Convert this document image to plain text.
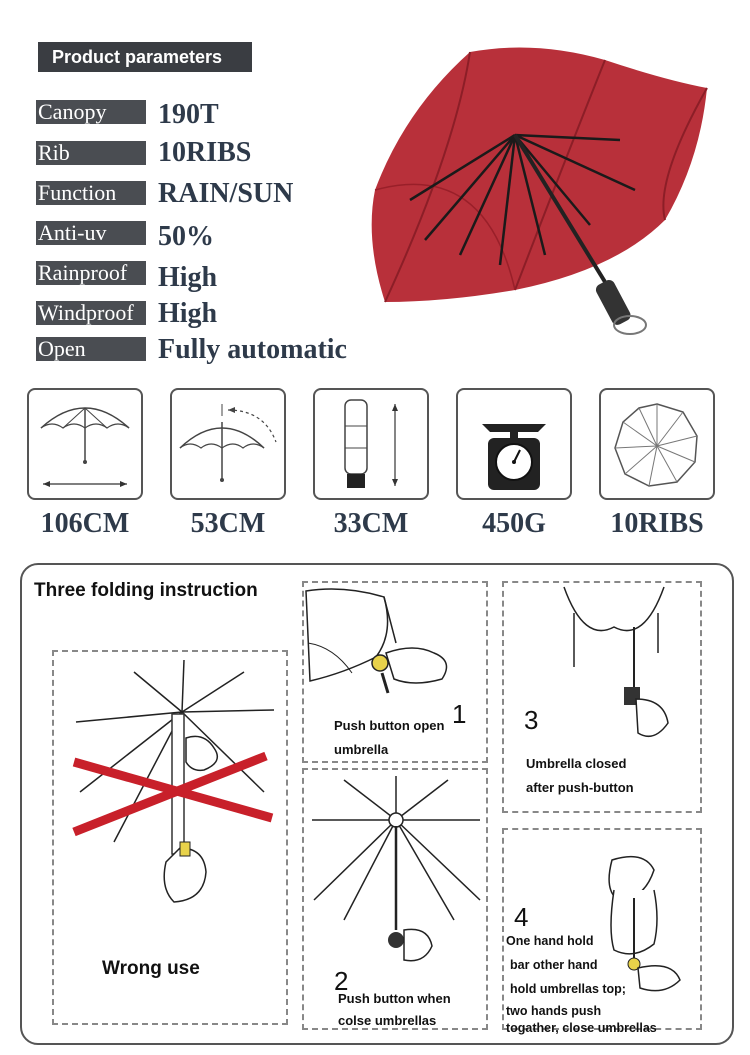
Product parameters
Canopy	190T
Rib	10RIBS
Function	RAIN/SUN
Anti-uv	50%
Rainproof	High
Windproof High
Open	Fully automatic
106CM	53CM	33CM	450G	10RIBS
Three folding instruction
Wrong use
1
Push button open
umbrella
2
Push button when
colse umbrellas
3
Umbrella closed
after push-button
4
One hand hold
bar other hand
hold umbrellas top;
two hands push
togather, close umbrellas
